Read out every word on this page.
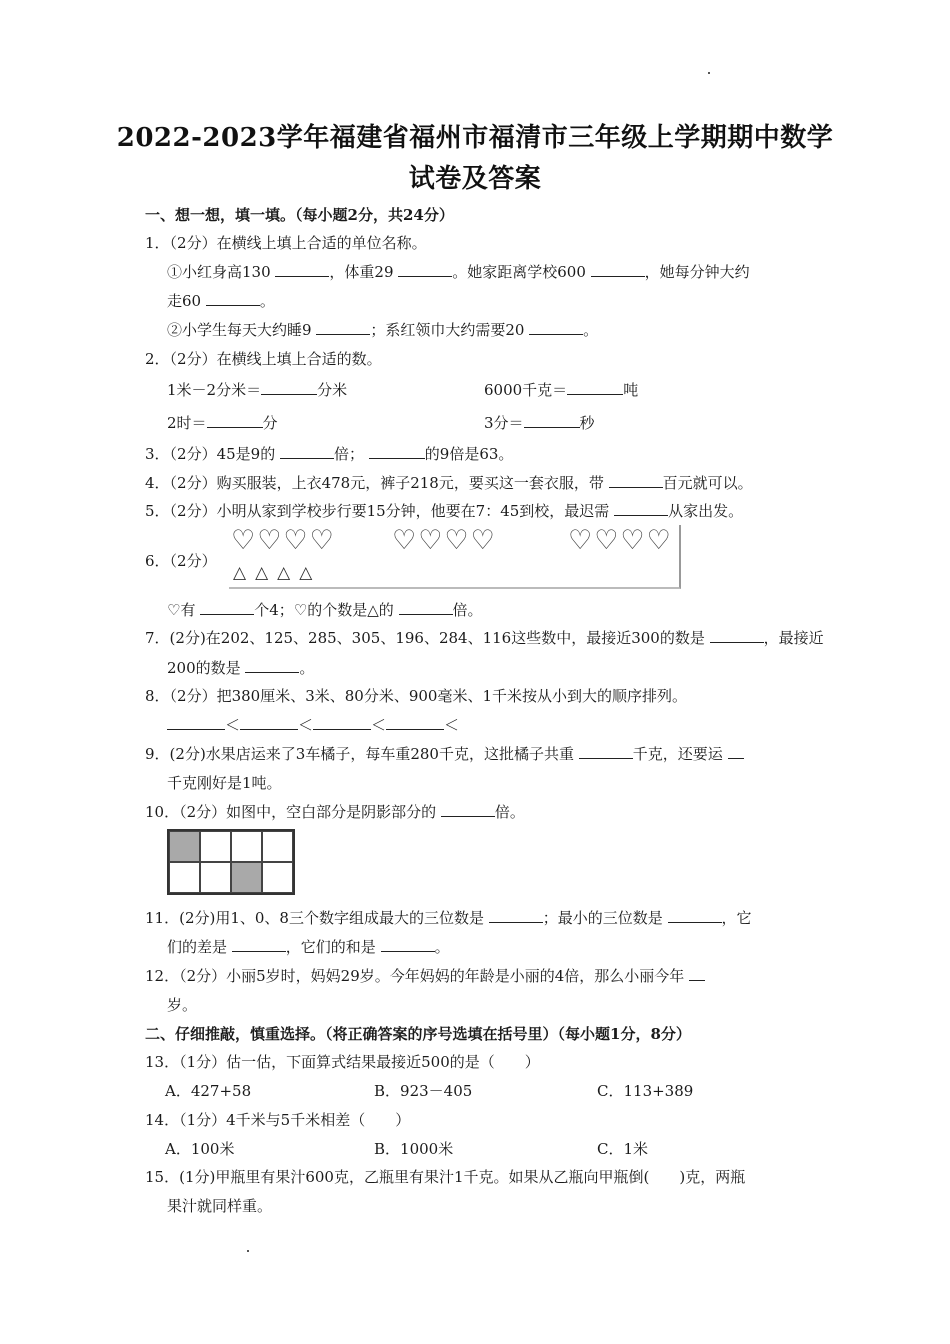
2022-2023学年福建省福州市福清市三年级上学期期中数学
试卷及答案
一、想一想，填一填。（每小题2分，共24分）
1．（2分）在横线上填上合适的单位名称。
①小红身高130	，体重29	。她家距离学校600	，她每分钟大约
走60	。
②小学生每天大约睡9	；系红领巾大约需要20	。
2．（2分）在横线上填上合适的数。
1米－2分米＝	分米	6000千克＝	吨
2时＝	分	3分＝	秒
3．（2分）45是9的	倍；	的9倍是63。
4．（2分）购买服装，上衣478元，裤子218元，要买这一套衣服，带	百元就可以。
5．（2分）小明从家到学校步行要15分钟，他要在7：45到校，最迟需	从家出发。
6．（2分）
♡♡♡♡ ♡♡♡♡	♡♡♡♡
△△△△
♡有	个4；♡的个数是△的	倍。
7．(2分)在202、125、285、305、196、284、116这些数中，最接近300的数是	，最接近
200的数是	。
8．（2分）把380厘米、3米、80分米、900毫米、1千米按从小到大的顺序排列。
＜	＜	＜	＜
9．(2分)水果店运来了3车橘子，每车重280千克，这批橘子共重	千克，还要运
千克刚好是1吨。
10．（2分）如图中，空白部分是阴影部分的	倍。
11．(2分)用1、0、8三个数字组成最大的三位数是	；最小的三位数是	，它
们的差是	，它们的和是	。
12．（2分）小丽5岁时，妈妈29岁。今年妈妈的年龄是小丽的4倍，那么小丽今年
岁。
二、仔细推敲，慎重选择。（将正确答案的序号选填在括号里）（每小题1分，8分）
13．（1分）估一估，下面算式结果最接近500的是（　　）
A．427+58	B．923－405	C．113+389
14．（1分）4千米与5千米相差（　　）
A．100米	B．1000米	C．1米
15．(1分)甲瓶里有果汁600克，乙瓶里有果汁1千克。如果从乙瓶向甲瓶倒(　　)克，两瓶
果汁就同样重。
